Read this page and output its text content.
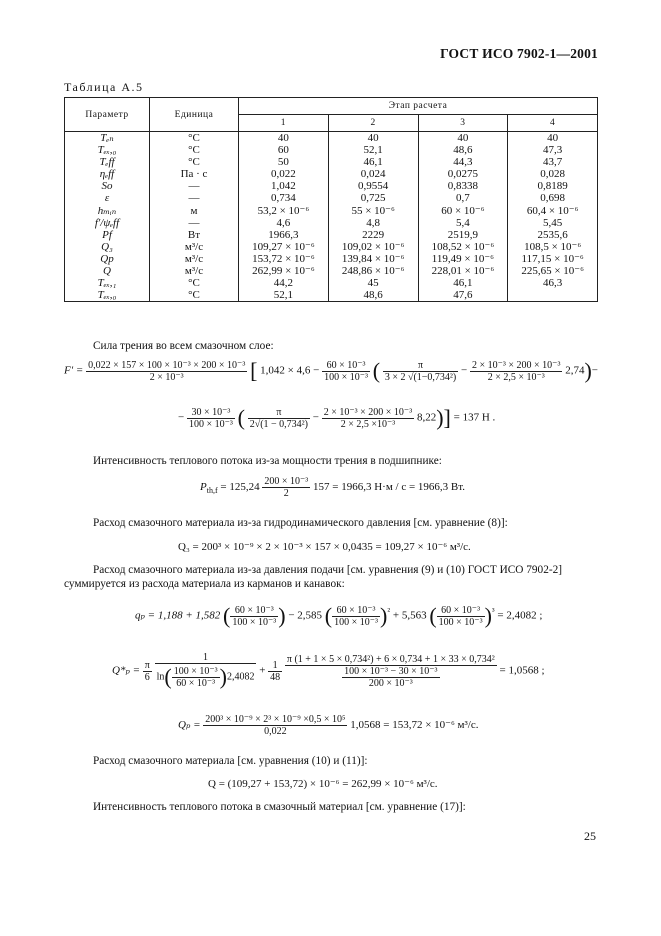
ГОСТ ИСО 7902-1—2001
Таблица А.5
Параметр	Единица	Этап расчета			
		1	2	3	4
Tₑₙ	°C	40	40	40	40
Tₑₓ,₀	°C	60	52,1	48,6	47,3
Tₑff	°C	50	46,1	44,3	43,7
ηₑff	Па · с	0,022	0,024	0,0275	0,028
So	—	1,042	0,9554	0,8338	0,8189
ε	—	0,734	0,725	0,7	0,698
hₘᵢₙ	м	53,2 × 10⁻⁶	55 × 10⁻⁶	60 × 10⁻⁶	60,4 × 10⁻⁶
f′/ψₑff	—	4,6	4,8	5,4	5,45
Pf	Вт	1966,3	2229	2519,9	2535,6
Q₃	м³/с	109,27 × 10⁻⁶	109,02 × 10⁻⁶	108,52 × 10⁻⁶	108,5 × 10⁻⁶
Qp	м³/с	153,72 × 10⁻⁶	139,84 × 10⁻⁶	119,49 × 10⁻⁶	117,15 × 10⁻⁶
Q	м³/с	262,99 × 10⁻⁶	248,86 × 10⁻⁶	228,01 × 10⁻⁶	225,65 × 10⁻⁶
Tₑₓ,₁	°C	44,2	45	46,1	46,3
Tₑₓ,₀	°C	52,1	48,6	47,6	
Сила трения во всем смазочном слое:
$F' = \frac{\text{0,022 × 157 × 100 × 10⁻³ × 200 × 10⁻³}}{\text{2 × 10⁻³}}$ [ $1,042 \times 4,6 - \frac{\text{60 × 10⁻³}}{\text{100 × 10⁻³}}$ ( $\frac{\pi}{\text{3 × 2 √(1−0,734²)}} - \frac{\text{2 × 10⁻³ × 200 × 10⁻³}}{\text{2 × 2,5 × 10⁻³}} 2,74)-$
− $\frac{\text{30 × 10⁻³}}{\text{100 × 10⁻³}}$ ( $\frac{\pi}{\text{2√(1 − 0,734²)}} - \frac{\text{2 × 10⁻³ × 200 × 10⁻³}}{\text{2 × 2,5 ×10⁻³}} 8,22)] = 137$ Н .
Интенсивность теплового потока из-за мощности трения в подшипнике:
$P_{th,f} = 125,24 \frac{\text{200 × 10⁻³}}{2} 157 = 1966,3$ Н·м / с = 1966,3 Вт.
Расход смазочного материала из-за гидродинамического давления [см. уравнение (8)]:
Q₃ = 200³ × 10⁻⁹ × 2 × 10⁻³ × 157 × 0,0435 = 109,27 × 10⁻⁶ м³/с.
Расход смазочного материала из-за давления подачи [см. уравнения (9) и (10) ГОСТ ИСО 7902-2]
суммируется из расхода материала из карманов и канавок:
qₚ = 1,188 + 1,582 ( $\frac{\text{60 × 10⁻³}}{\text{100 × 10⁻³}}$ ) − 2,585 ( $\frac{\text{60 × 10⁻³}}{\text{100 × 10⁻³}} )^{^2} + 5,563$ ( $\frac{\text{60 × 10⁻³}}{\text{100 × 10⁻³}} )^{^3} = 2,4082$ ;
$Q*_p = \frac{\pi}{6}$
$\frac{1}{\ln( \frac{\text{100 × 10⁻³}}{\text{60 × 10⁻³}} )2,4082} + \frac{1}{48}$
$\frac{\text{π (1 + 1 × 5 × 0,734²) + 6 × 0,734 + 1 × 33 × 0,734²}}{\frac{\text{100 × 10⁻³ − 30 × 10⁻³}}{\text{200 × 10⁻³}}} = 1,0568$ ;
$Q_p = \frac{\text{200³ × 10⁻⁹ × 2³ × 10⁻⁹ ×0,5 × 10⁵}}{0,022} 1,0568 = 153,72 \times 10^{-6}$ м³/с.
Расход смазочного материала [см. уравнения (10) и (11)]:
Q = (109,27 + 153,72) × 10⁻⁶ = 262,99 × 10⁻⁶ м³/с.
Интенсивность теплового потока в смазочный материал [см. уравнение (17)]:
25
